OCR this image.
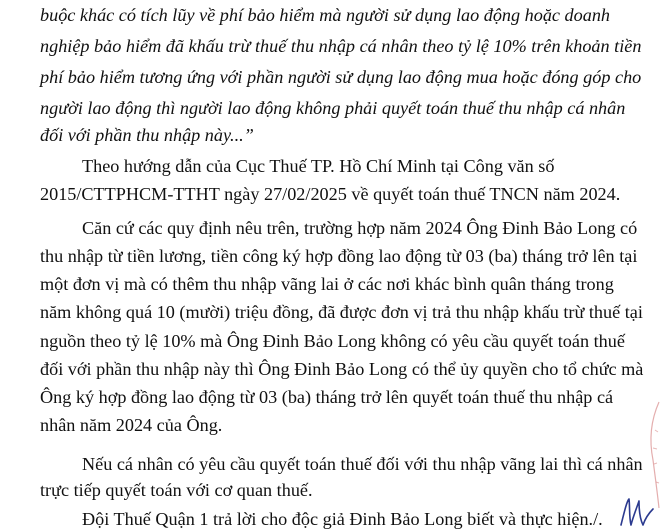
buộc khác có tích lũy về phí bảo hiểm mà người sử dụng lao động hoặc doanh
nghiệp bảo hiểm đã khấu trừ thuế thu nhập cá nhân theo tỷ lệ 10% trên khoản tiền
phí bảo hiểm tương ứng với phần người sử dụng lao động mua hoặc đóng góp cho
người lao động thì người lao động không phải quyết toán thuế thu nhập cá nhân
đối với phần thu nhập này...”
Theo hướng dẫn của Cục Thuế TP. Hồ Chí Minh tại Công văn số
2015/CTTPHCM-TTHT ngày 27/02/2025 về quyết toán thuế TNCN năm 2024.
Căn cứ các quy định nêu trên, trường hợp năm 2024 Ông Đinh Bảo Long có
thu nhập từ tiền lương, tiền công ký hợp đồng lao động từ 03 (ba) tháng trở lên tại
một đơn vị mà có thêm thu nhập vãng lai ở các nơi khác bình quân tháng trong
năm không quá 10 (mười) triệu đồng, đã được đơn vị trả thu nhập khấu trừ thuế tại
nguồn theo tỷ lệ 10% mà Ông Đinh Bảo Long không có yêu cầu quyết toán thuế
đối với phần thu nhập này thì Ông Đinh Bảo Long có thể ủy quyền cho tổ chức mà
Ông ký hợp đồng lao động từ 03 (ba) tháng trở lên quyết toán thuế thu nhập cá
nhân năm 2024 của Ông.
Nếu cá nhân có yêu cầu quyết toán thuế đối với thu nhập vãng lai thì cá nhân
trực tiếp quyết toán với cơ quan thuế.
Đội Thuế Quận 1 trả lời cho độc giả Đinh Bảo Long biết và thực hiện./.
